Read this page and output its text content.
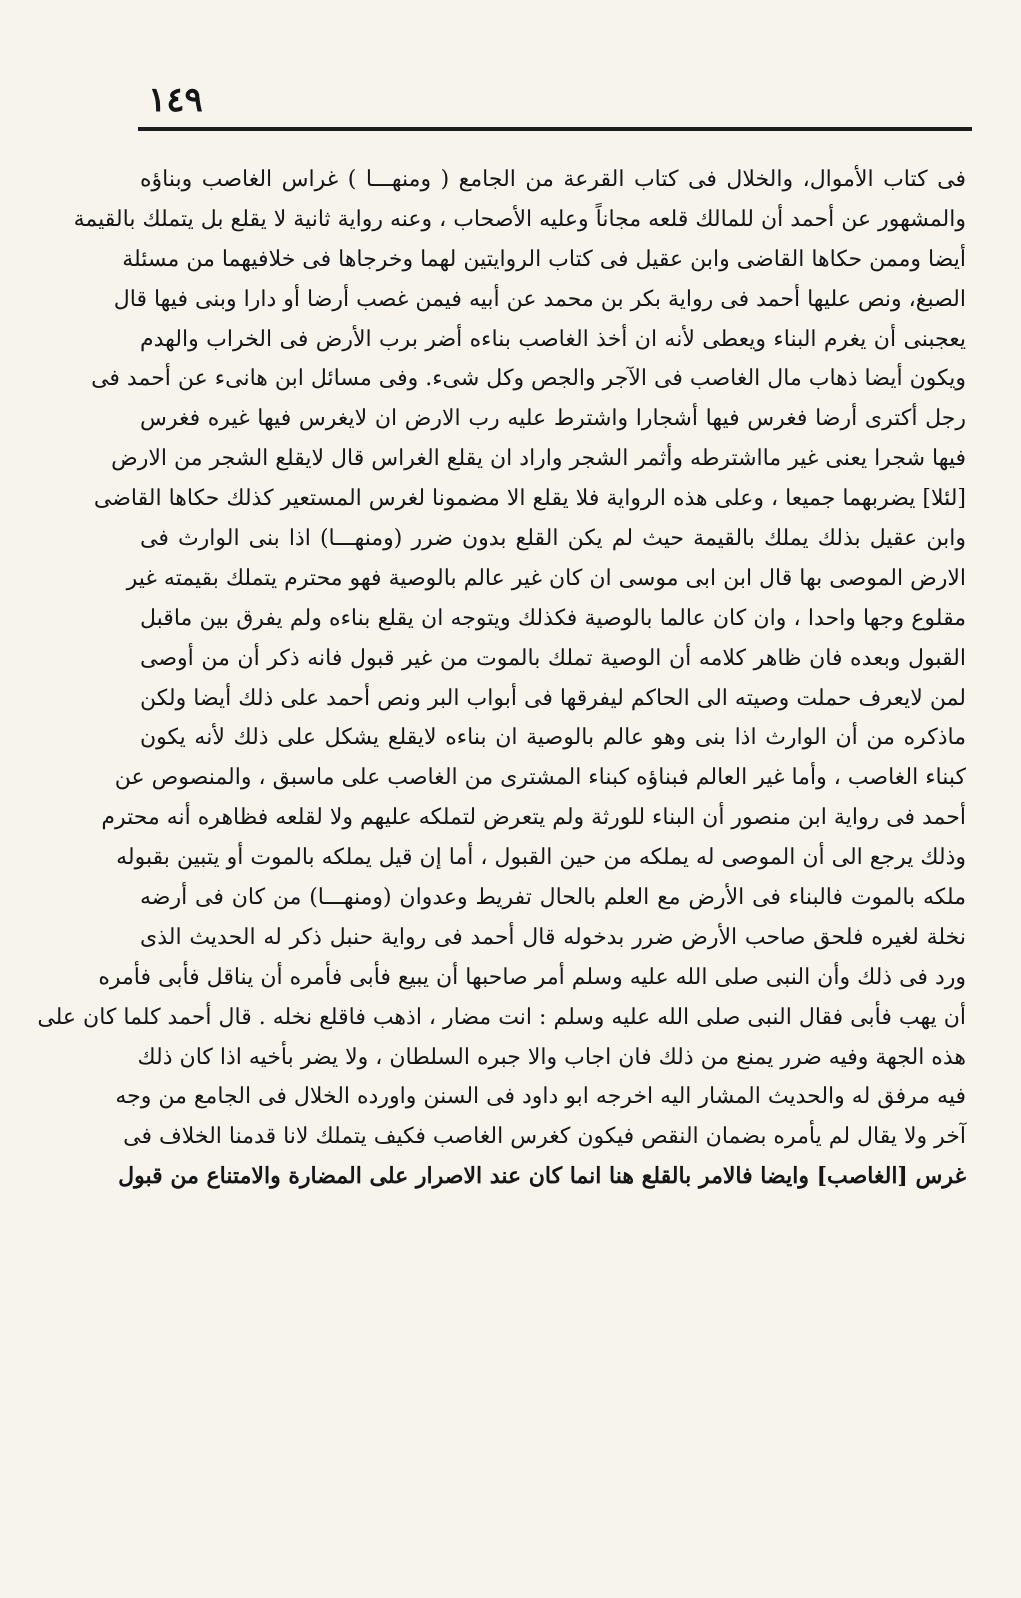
١٤٩
فى كتاب الأموال، والخلال فى كتاب القرعة من الجامع ( ومنهـــا ) غراس الغاصب وبناؤه
والمشهور عن أحمد أن للمالك قلعه مجاناً وعليه الأصحاب ، وعنه رواية ثانية لا يقلع بل يتملك بالقيمة
أيضا وممن حكاها القاضى وابن عقيل فى كتاب الروايتين لهما وخرجاها فى خلافيهما من مسئلة
الصبغ، ونص عليها أحمد فى رواية بكر بن محمد عن أبيه فيمن غصب أرضا أو دارا وبنى فيها قال
يعجبنى أن يغرم البناء ويعطى لأنه ان أخذ الغاصب بناءه أضر برب الأرض فى الخراب والهدم
ويكون أيضا ذهاب مال الغاصب فى الآجر والجص وكل شىء. وفى مسائل ابن هانىء عن أحمد فى
رجل أكترى أرضا فغرس فيها أشجارا واشترط عليه رب الارض ان لايغرس فيها غيره فغرس
فيها شجرا يعنى غير مااشترطه وأثمر الشجر واراد ان يقلع الغراس قال لايقلع الشجر من الارض
[لئلا] يضربهما جميعا ، وعلى هذه الرواية فلا يقلع الا مضمونا لغرس المستعير كذلك حكاها القاضى
وابن عقيل بذلك يملك بالقيمة حيث لم يكن القلع بدون ضرر (ومنهـــا) اذا بنى الوارث فى
الارض الموصى بها قال ابن ابى موسى ان كان غير عالم بالوصية فهو محترم يتملك بقيمته غير
مقلوع وجها واحدا ، وان كان عالما بالوصية فكذلك ويتوجه ان يقلع بناءه ولم يفرق بين ماقبل
القبول وبعده فان ظاهر كلامه أن الوصية تملك بالموت من غير قبول فانه ذكر أن من أوصى
لمن لايعرف حملت وصيته الى الحاكم ليفرقها فى أبواب البر ونص أحمد على ذلك أيضا ولكن
ماذكره من أن الوارث اذا بنى وهو عالم بالوصية ان بناءه لايقلع يشكل على ذلك لأنه يكون
كبناء الغاصب ، وأما غير العالم فبناؤه كبناء المشترى من الغاصب على ماسبق ، والمنصوص عن
أحمد فى رواية ابن منصور أن البناء للورثة ولم يتعرض لتملكه عليهم ولا لقلعه فظاهره أنه محترم
وذلك يرجع الى أن الموصى له يملكه من حين القبول ، أما إن قيل يملكه بالموت أو يتبين بقبوله
ملكه بالموت فالبناء فى الأرض مع العلم بالحال تفريط وعدوان (ومنهـــا) من كان فى أرضه
نخلة لغيره فلحق صاحب الأرض ضرر بدخوله قال أحمد فى رواية حنبل ذكر له الحديث الذى
ورد فى ذلك وأن النبى صلى الله عليه وسلم أمر صاحبها أن يبيع فأبى فأمره أن يناقل فأبى فأمره
أن يهب فأبى فقال النبى صلى الله عليه وسلم : انت مضار ، اذهب فاقلع نخله . قال أحمد كلما كان على
هذه الجهة وفيه ضرر يمنع من ذلك فان اجاب والا جبره السلطان ، ولا يضر بأخيه اذا كان ذلك
فيه مرفق له والحديث المشار اليه اخرجه ابو داود فى السنن واورده الخلال فى الجامع من وجه
آخر ولا يقال لم يأمره بضمان النقص فيكون كغرس الغاصب فكيف يتملك لانا قدمنا الخلاف فى
غرس [الغاصب] وايضا فالامر بالقلع هنا انما كان عند الاصرار على المضارة والامتناع من قبول
